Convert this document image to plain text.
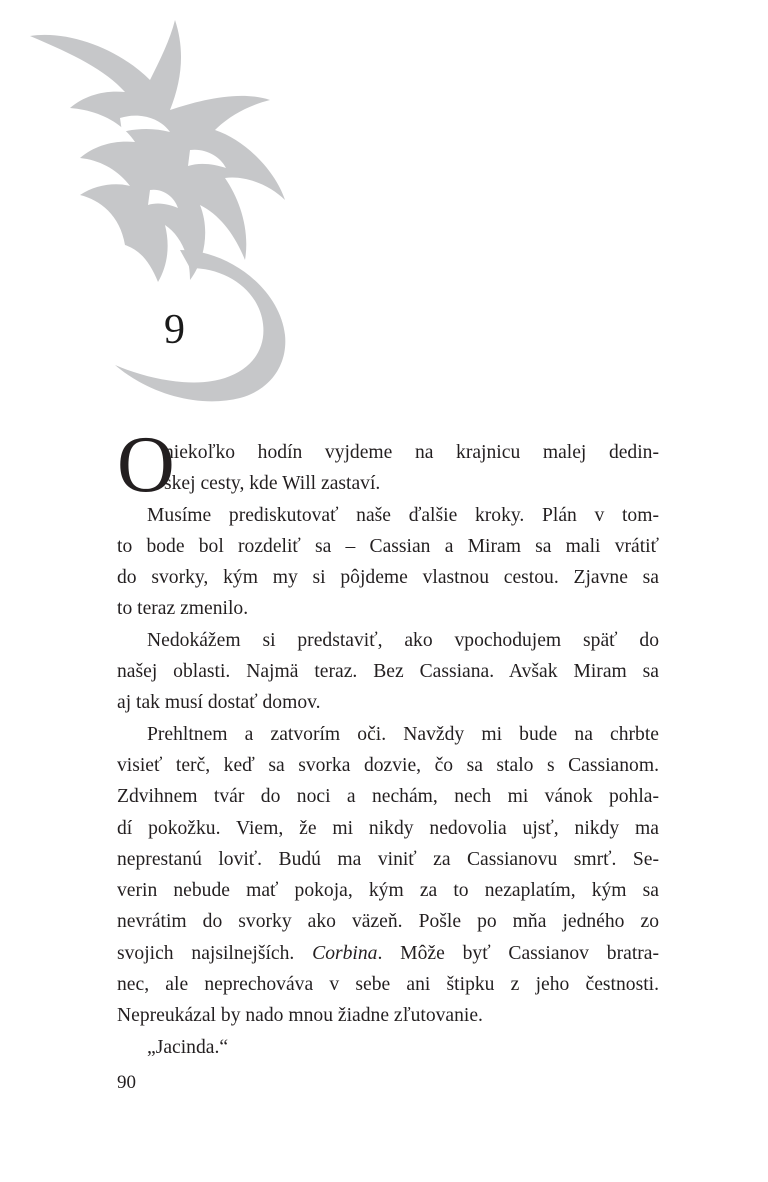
9
O
niekoľko hodín vyjdeme na krajnicu malej dedin-
skej cesty, kde Will zastaví.
Musíme prediskutovať naše ďalšie kroky. Plán v tom-
to bode bol rozdeliť sa – Cassian a Miram sa mali vrátiť
do svorky, kým my si pôjdeme vlastnou cestou. Zjavne sa
to teraz zmenilo.
Nedokážem si predstaviť, ako vpochodujem späť do
našej oblasti. Najmä teraz. Bez Cassiana. Avšak Miram sa
aj tak musí dostať domov.
Prehltnem a zatvorím oči. Navždy mi bude na chrbte
visieť terč, keď sa svorka dozvie, čo sa stalo s Cassianom.
Zdvihnem tvár do noci a nechám, nech mi vánok pohla-
dí pokožku. Viem, že mi nikdy nedovolia ujsť, nikdy ma
neprestanú loviť. Budú ma viniť za Cassianovu smrť. Se-
verin nebude mať pokoja, kým za to nezaplatím, kým sa
nevrátim do svorky ako väzeň. Pošle po mňa jedného zo
svojich najsilnejších. Corbina. Môže byť Cassianov bratra-
nec, ale neprechováva v sebe ani štipku z jeho čestnosti.
Nepreukázal by nado mnou žiadne zľutovanie.
„Jacinda.“
90
